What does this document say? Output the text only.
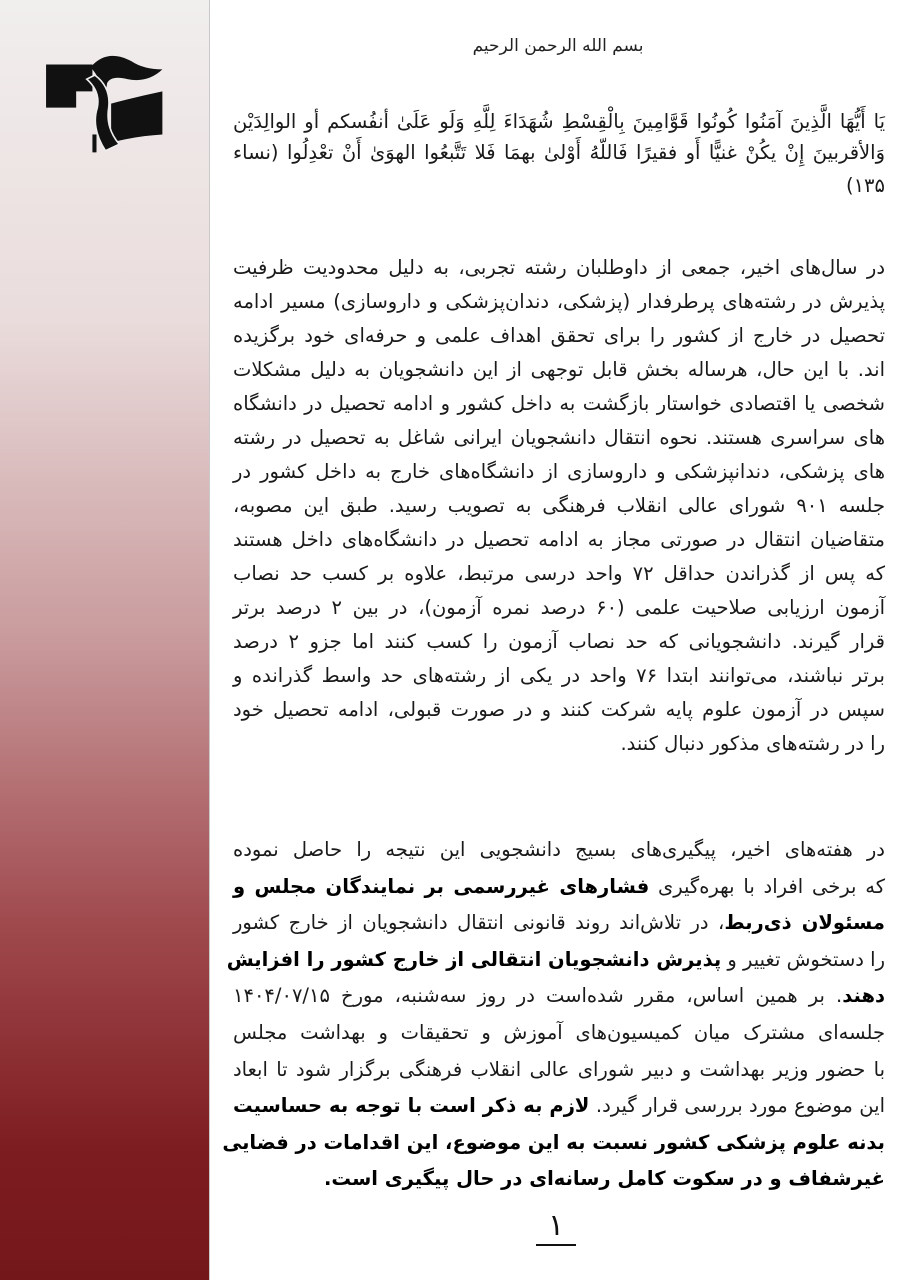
بسم الله الرحمن الرحیم
یَا أَیُّهَا الَّذِینَ آمَنُوا کُونُوا قَوَّامِینَ بِالْقِسْطِ شُهَدَاءَ لِلَّهِ وَلَو عَلَىٰ أنفُسكم أو الوالِدَیْن
وَالأقربینَ إِنْ یکُنْ غنیًّا أَو فقیرًا فَاللّهُ أَوْلىٰ بهمَا فَلا تَتَّبعُوا الهوَىٰ أَنْ تعْدِلُوا (نساء
۱۳۵)
در سال‌های اخیر، جمعی از داوطلبان رشته تجربی، به دلیل محدودیت ظرفیت
پذیرش در رشته‌های پرطرفدار (پزشکی، دندان‌پزشکی و داروسازی) مسیر ادامه
تحصیل در خارج از کشور را برای تحقق اهداف علمی و حرفه‌ای خود برگزیده
اند. با این حال، هرساله بخش قابل توجهی از این دانشجویان به دلیل مشکلات
شخصی یا اقتصادی خواستار بازگشت به داخل کشور و ادامه تحصیل در دانشگاه
های سراسری هستند. نحوه انتقال دانشجویان ایرانی شاغل به تحصیل در رشته
های پزشکی، دندانپزشکی و داروسازی از دانشگاه‌های خارج به داخل کشور در
جلسه ۹۰۱ شورای عالی انقلاب فرهنگی به تصویب رسید. طبق این مصوبه،
متقاضیان انتقال در صورتی مجاز به ادامه تحصیل در دانشگاه‌های داخل هستند
که پس از گذراندن حداقل ۷۲ واحد درسی مرتبط، علاوه بر کسب حد نصاب
آزمون ارزیابی صلاحیت علمی (۶۰ درصد نمره آزمون)، در بین ۲ درصد برتر
قرار گیرند. دانشجویانی که حد نصاب آزمون را کسب کنند اما جزو ۲ درصد
برتر نباشند، می‌توانند ابتدا ۷۶ واحد در یکی از رشته‌های حد واسط گذرانده و
سپس در آزمون علوم پایه شرکت کنند و در صورت قبولی، ادامه تحصیل خود
را در رشته‌های مذکور دنبال کنند.
در هفته‌های اخیر، پیگیری‌های بسیج دانشجویی این نتیجه را حاصل نموده
که برخی افراد با بهره‌گیری فشارهای غیررسمی بر نمایندگان مجلس و
مسئولان ذی‌ربط، در تلاش‌اند روند قانونی انتقال دانشجویان از خارج کشور
را دستخوش تغییر و پذیرش دانشجویان انتقالی از خارج کشور را افزایش
دهند. بر همین اساس، مقرر شده‌است در روز سه‌شنبه، مورخ ۱۴۰۴/۰۷/۱۵
جلسه‌ای مشترک میان کمیسیون‌های آموزش و تحقیقات و بهداشت مجلس
با حضور وزیر بهداشت و دبیر شورای عالی انقلاب فرهنگی برگزار شود تا ابعاد
این موضوع مورد بررسی قرار گیرد. لازم به ذکر است با توجه به حساسیت
بدنه علوم پزشکی کشور نسبت به این موضوع، این اقدامات در فضایی
غیرشفاف و در سکوت کامل رسانه‌ای در حال پیگیری است.
۱
